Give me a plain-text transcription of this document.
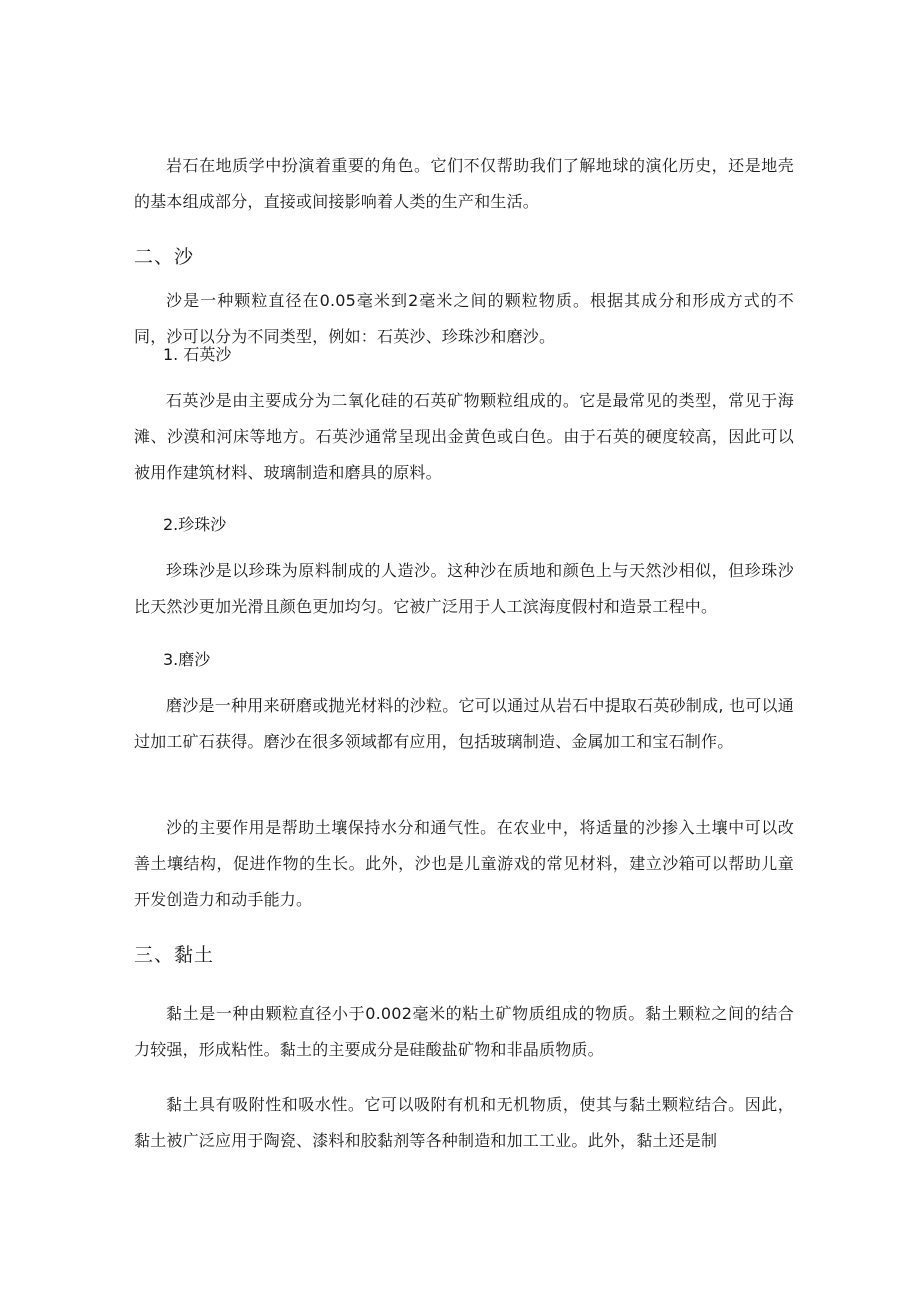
岩石在地质学中扮演着重要的角色。它们不仅帮助我们了解地球的演化历史，还是地壳的基本组成部分，直接或间接影响着人类的生产和生活。

二、沙

沙是一种颗粒直径在0.05毫米到2毫米之间的颗粒物质。根据其成分和形成方式的不同，沙可以分为不同类型，例如：石英沙、珍珠沙和磨沙。

1. 石英沙

石英沙是由主要成分为二氧化硅的石英矿物颗粒组成的。它是最常见的类型，常见于海滩、沙漠和河床等地方。石英沙通常呈现出金黄色或白色。由于石英的硬度较高，因此可以被用作建筑材料、玻璃制造和磨具的原料。

2.珍珠沙

珍珠沙是以珍珠为原料制成的人造沙。这种沙在质地和颜色上与天然沙相似，但珍珠沙比天然沙更加光滑且颜色更加均匀。它被广泛用于人工滨海度假村和造景工程中。

3.磨沙

磨沙是一种用来研磨或抛光材料的沙粒。它可以通过从岩石中提取石英砂制成, 也可以通过加工矿石获得。磨沙在很多领域都有应用，包括玻璃制造、金属加工和宝石制作。

沙的主要作用是帮助土壤保持水分和通气性。在农业中，将适量的沙掺入土壤中可以改善土壤结构，促进作物的生长。此外，沙也是儿童游戏的常见材料，建立沙箱可以帮助儿童开发创造力和动手能力。

三、黏土

黏土是一种由颗粒直径小于0.002毫米的粘土矿物质组成的物质。黏土颗粒之间的结合力较强，形成粘性。黏土的主要成分是硅酸盐矿物和非晶质物质。

黏土具有吸附性和吸水性。它可以吸附有机和无机物质，使其与黏土颗粒结合。因此，黏土被广泛应用于陶瓷、漆料和胶黏剂等各种制造和加工工业。此外，黏土还是制
